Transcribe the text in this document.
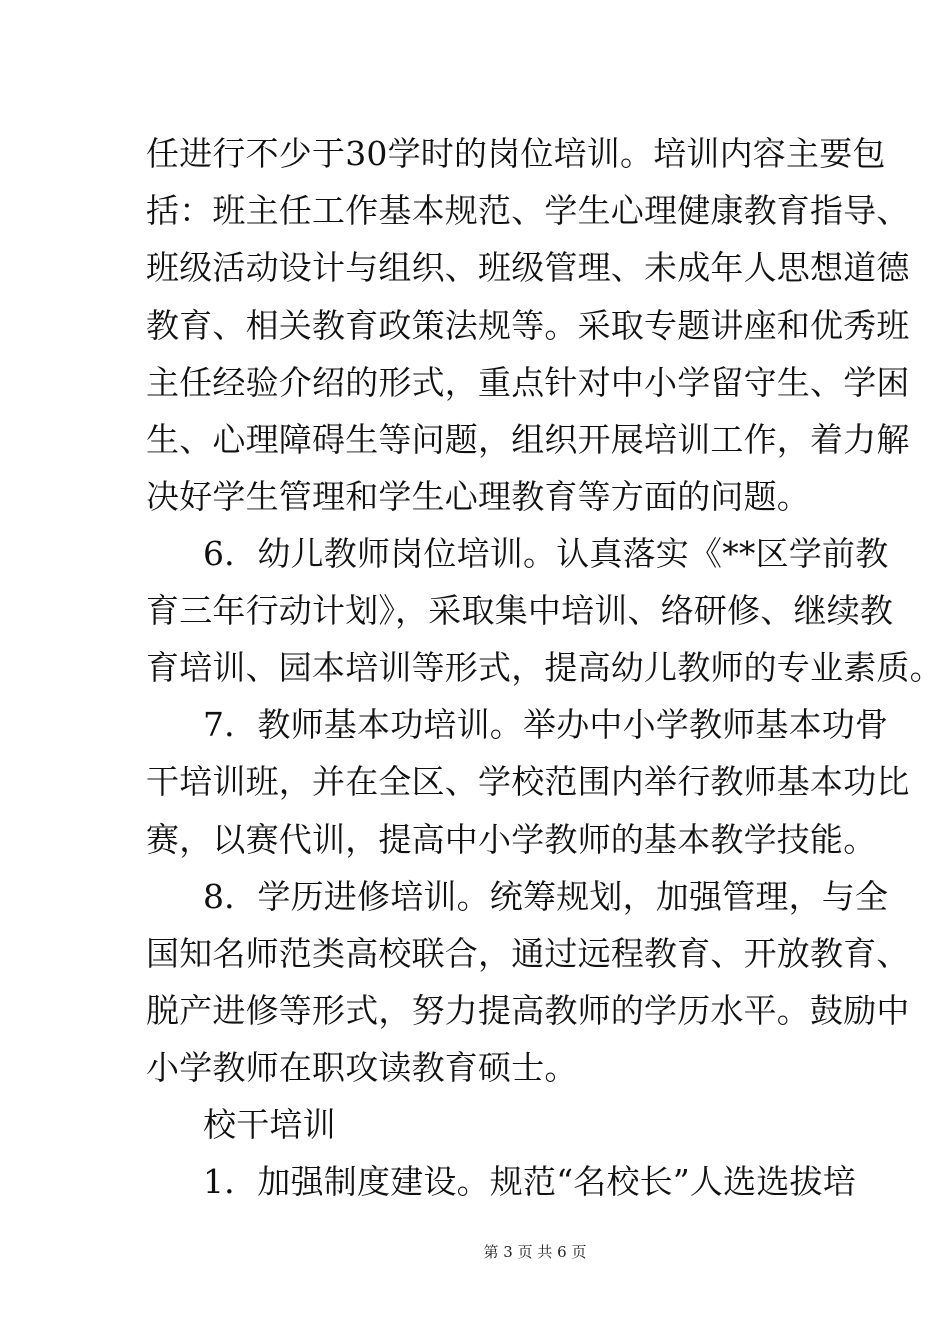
任进行不少于30学时的岗位培训。培训内容主要包
括：班主任工作基本规范、学生心理健康教育指导、
班级活动设计与组织、班级管理、未成年人思想道德
教育、相关教育政策法规等。采取专题讲座和优秀班
主任经验介绍的形式，重点针对中小学留守生、学困
生、心理障碍生等问题，组织开展培训工作，着力解
决好学生管理和学生心理教育等方面的问题。
6．幼儿教师岗位培训。认真落实《**区学前教
育三年行动计划》，采取集中培训、络研修、继续教
育培训、园本培训等形式，提高幼儿教师的专业素质。
7．教师基本功培训。举办中小学教师基本功骨
干培训班，并在全区、学校范围内举行教师基本功比
赛，以赛代训，提高中小学教师的基本教学技能。
8．学历进修培训。统筹规划，加强管理，与全
国知名师范类高校联合，通过远程教育、开放教育、
脱产进修等形式，努力提高教师的学历水平。鼓励中
小学教师在职攻读教育硕士。
校干培训
1．加强制度建设。规范“名校长”人选选拔培
第 3 页 共 6 页
